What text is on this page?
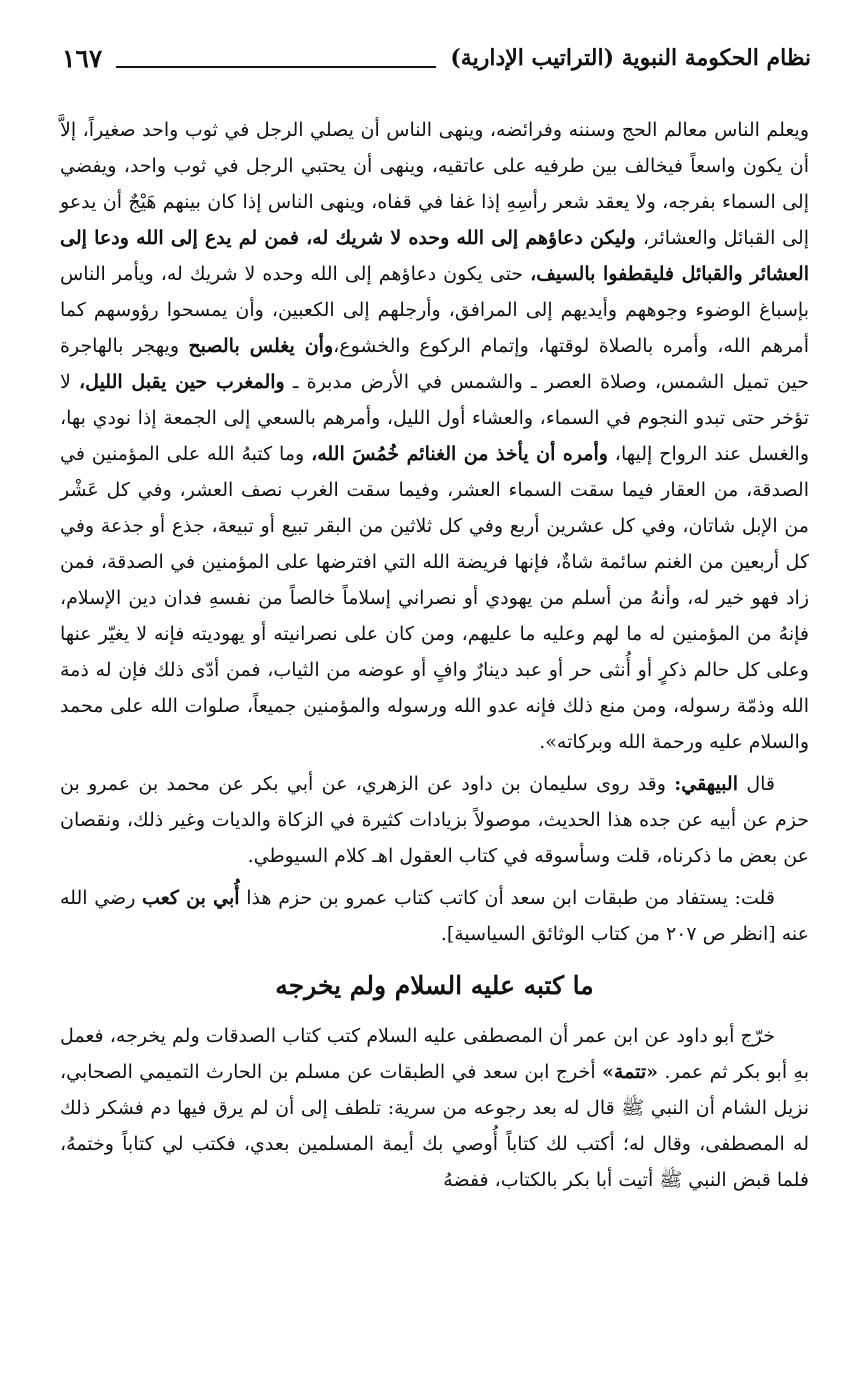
نظام الحكومة النبوية (التراتيب الإدارية)
١٦٧

ويعلم الناس معالم الحج وسننه وفرائضه، وينهى الناس أن يصلي الرجل في ثوب واحد صغيراً، إلاَّ أن يكون واسعاً فيخالف بين طرفيه على عاتقيه، وينهى أن يحتبي الرجل في ثوب واحد، ويفضي إلى السماء بفرجه، ولا يعقد شعر رأسِهِ إذا غفا في قفاه، وينهى الناس إذا كان بينهم هَيْجٌ أن يدعو إلى القبائل والعشائر، وليكن دعاؤهم إلى الله وحده لا شريك له، فمن لم يدع إلى الله ودعا إلى العشائر والقبائل فليقطفوا بالسيف، حتى يكون دعاؤهم إلى الله وحده لا شريك له، ويأمر الناس بإسباغ الوضوء وجوههم وأيديهم إلى المرافق، وأرجلهم إلى الكعبين، وأن يمسحوا رؤوسهم كما أمرهم الله، وأمره بالصلاة لوقتها، وإتمام الركوع والخشوع،وأن يغلس بالصبح ويهجر بالهاجرة حين تميل الشمس، وصلاة العصر ـ والشمس في الأرض مدبرة ـ والمغرب حين يقبل الليل، لا تؤخر حتى تبدو النجوم في السماء، والعشاء أول الليل، وأمرهم بالسعي إلى الجمعة إذا نودي بها، والغسل عند الرواح إليها، وأمره أن يأخذ من الغنائم خُمُسَ الله، وما كتبهُ الله على المؤمنين في الصدقة، من العقار فيما سقت السماء العشر، وفيما سقت الغرب نصف العشر، وفي كل عَشْر من الإبل شاتان، وفي كل عشرين أربع وفي كل ثلاثين من البقر تبيع أو تبيعة، جذع أو جذعة وفي كل أربعين من الغنم سائمة شاةٌ، فإنها فريضة الله التي افترضها على المؤمنين في الصدقة، فمن زاد فهو خير له، وأنهُ من أسلم من يهودي أو نصراني إسلاماً خالصاً من نفسهِ فدان دين الإسلام، فإنهُ من المؤمنين له ما لهم وعليه ما عليهم، ومن كان على نصرانيته أو يهوديته فإنه لا يغيّر عنها وعلى كل حالم ذكرٍ أو أُنثى حر أو عبد دينارٌ وافٍ أو عوضه من الثياب، فمن أدّى ذلك فإن له ذمة الله وذمّة رسوله، ومن منع ذلك فإنه عدو الله ورسوله والمؤمنين جميعاً، صلوات الله على محمد والسلام عليه ورحمة الله وبركاته».

قال البيهقي: وقد روى سليمان بن داود عن الزهري، عن أبي بكر عن محمد بن عمرو بن حزم عن أبيه عن جده هذا الحديث، موصولاً بزيادات كثيرة في الزكاة والديات وغير ذلك، ونقصان عن بعض ما ذكرناه، قلت وسأسوقه في كتاب العقول اهـ كلام السيوطي.

قلت: يستفاد من طبقات ابن سعد أن كاتب كتاب عمرو بن حزم هذا أُبي بن كعب رضي الله عنه [انظر ص ٢٠٧ من كتاب الوثائق السياسية].

ما كتبه عليه السلام ولم يخرجه

خرّج أبو داود عن ابن عمر أن المصطفى عليه السلام كتب كتاب الصدقات ولم يخرجه، فعمل بهِ أبو بكر ثم عمر. «تتمة» أخرج ابن سعد في الطبقات عن مسلم بن الحارث التميمي الصحابي، نزيل الشام أن النبي ﷺ قال له بعد رجوعه من سرية: تلطف إلى أن لم يرق فيها دم فشكر ذلك له المصطفى، وقال له؛ أكتب لك كتاباً أُوصي بك أيمة المسلمين بعدي، فكتب لي كتاباً وختمهُ، فلما قبض النبي ﷺ أتيت أبا بكر بالكتاب، ففضهُ
